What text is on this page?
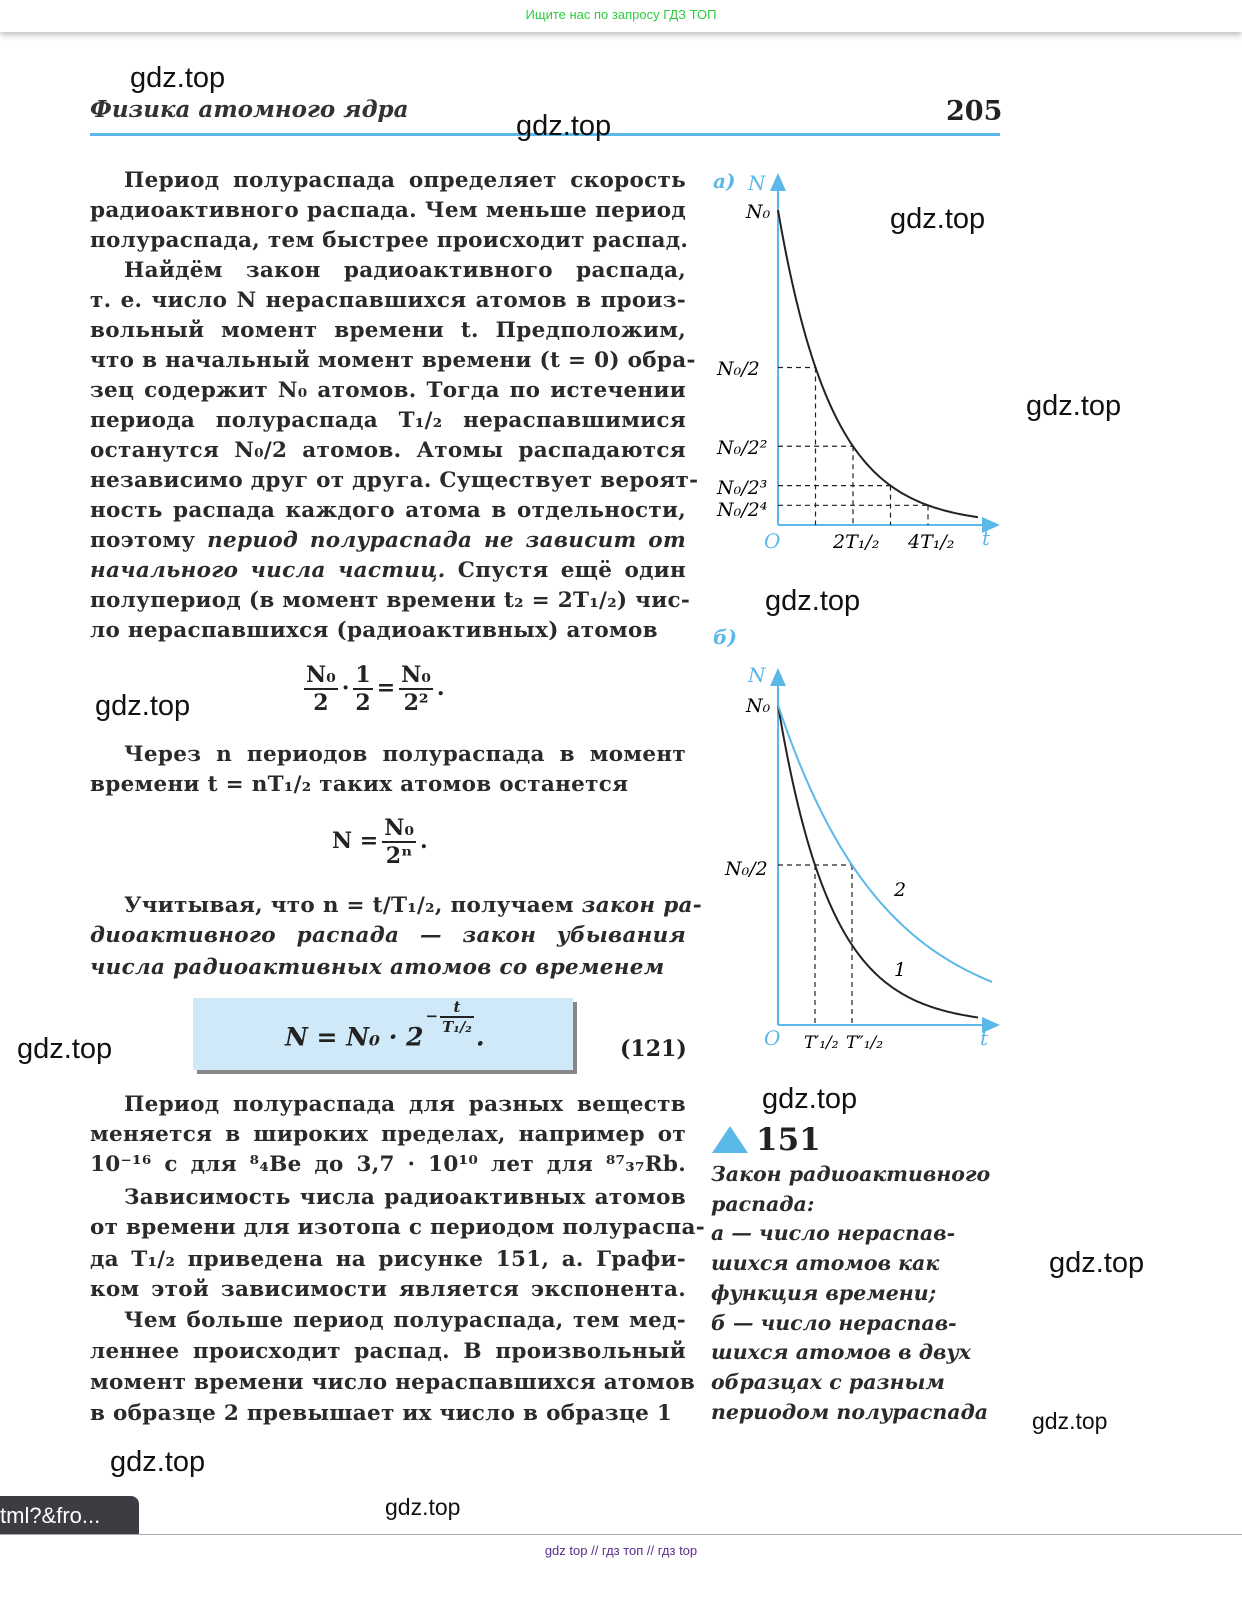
Ищите нас по запросу ГДЗ ТОП
Физика атомного ядра	205
$\frac{\text{N₀}}{2} \cdot \frac{1}{2} = \frac{\text{N₀}}{\text{2²}}$ .
$N = \frac{\text{N₀}}{\text{2ⁿ}}$ .
$N = N_0 \cdot 2- \frac{t}{\text{T₁/₂}}$
.	(121)
а) N
t
O
N₀
N₀/2
N₀/2²
N₀/2³
N₀/2⁴
2T₁/₂ 4T₁/₂
б)
N
t
O
N₀
N₀/2
T′₁/₂ T″₁/₂
2
1
151
gdz.top
gdz.top
gdz.top
gdz.top
gdz.top
gdz.top
gdz.top
gdz.top
gdz.top
gdz.top
gdz.top
gdz.top
tml?&fro...
gdz top // гдз топ // гдз top
Период полураспада определяет скорость
радиоактивного распада. Чем меньше период
полураспада, тем быстрее происходит распад.
Найдём закон радиоактивного распада,
т. е. число N нераспавшихся атомов в произ-
вольный момент времени t. Предположим,
что в начальный момент времени (t = 0) обра-
зец содержит N₀ атомов. Тогда по истечении
периода полураспада T₁/₂ нераспавшимися
останутся N₀/2 атомов. Атомы распадаются
независимо друг от друга. Существует вероят-
ность распада каждого атома в отдельности,
поэтому период полураспада не зависит от
начального числа частиц. Спустя ещё один
полупериод (в момент времени t₂ = 2T₁/₂) чис-
ло нераспавшихся (радиоактивных) атомов
Через n периодов полураспада в момент
времени t = nT₁/₂ таких атомов останется
Учитывая, что n = t/T₁/₂, получаем закон ра-
диоактивного распада — закон убывания
числа радиоактивных атомов со временем
Период полураспада для разных веществ
меняется в широких пределах, например от
10⁻¹⁶ с для ⁸₄Be до 3,7 · 10¹⁰ лет для ⁸⁷₃₇Rb.
Зависимость числа радиоактивных атомов
от времени для изотопа с периодом полураспа-
да T₁/₂ приведена на рисунке 151, а. Графи-
ком этой зависимости является экспонента.
Чем больше период полураспада, тем мед-
леннее происходит распад. В произвольный
момент времени число нераспавшихся атомов
в образце 2 превышает их число в образце 1
Закон радиоактивного
распада:
а — число нераспав-
шихся атомов как
функция времени;
б — число нераспав-
шихся атомов в двух
образцах с разным
периодом полураспада
